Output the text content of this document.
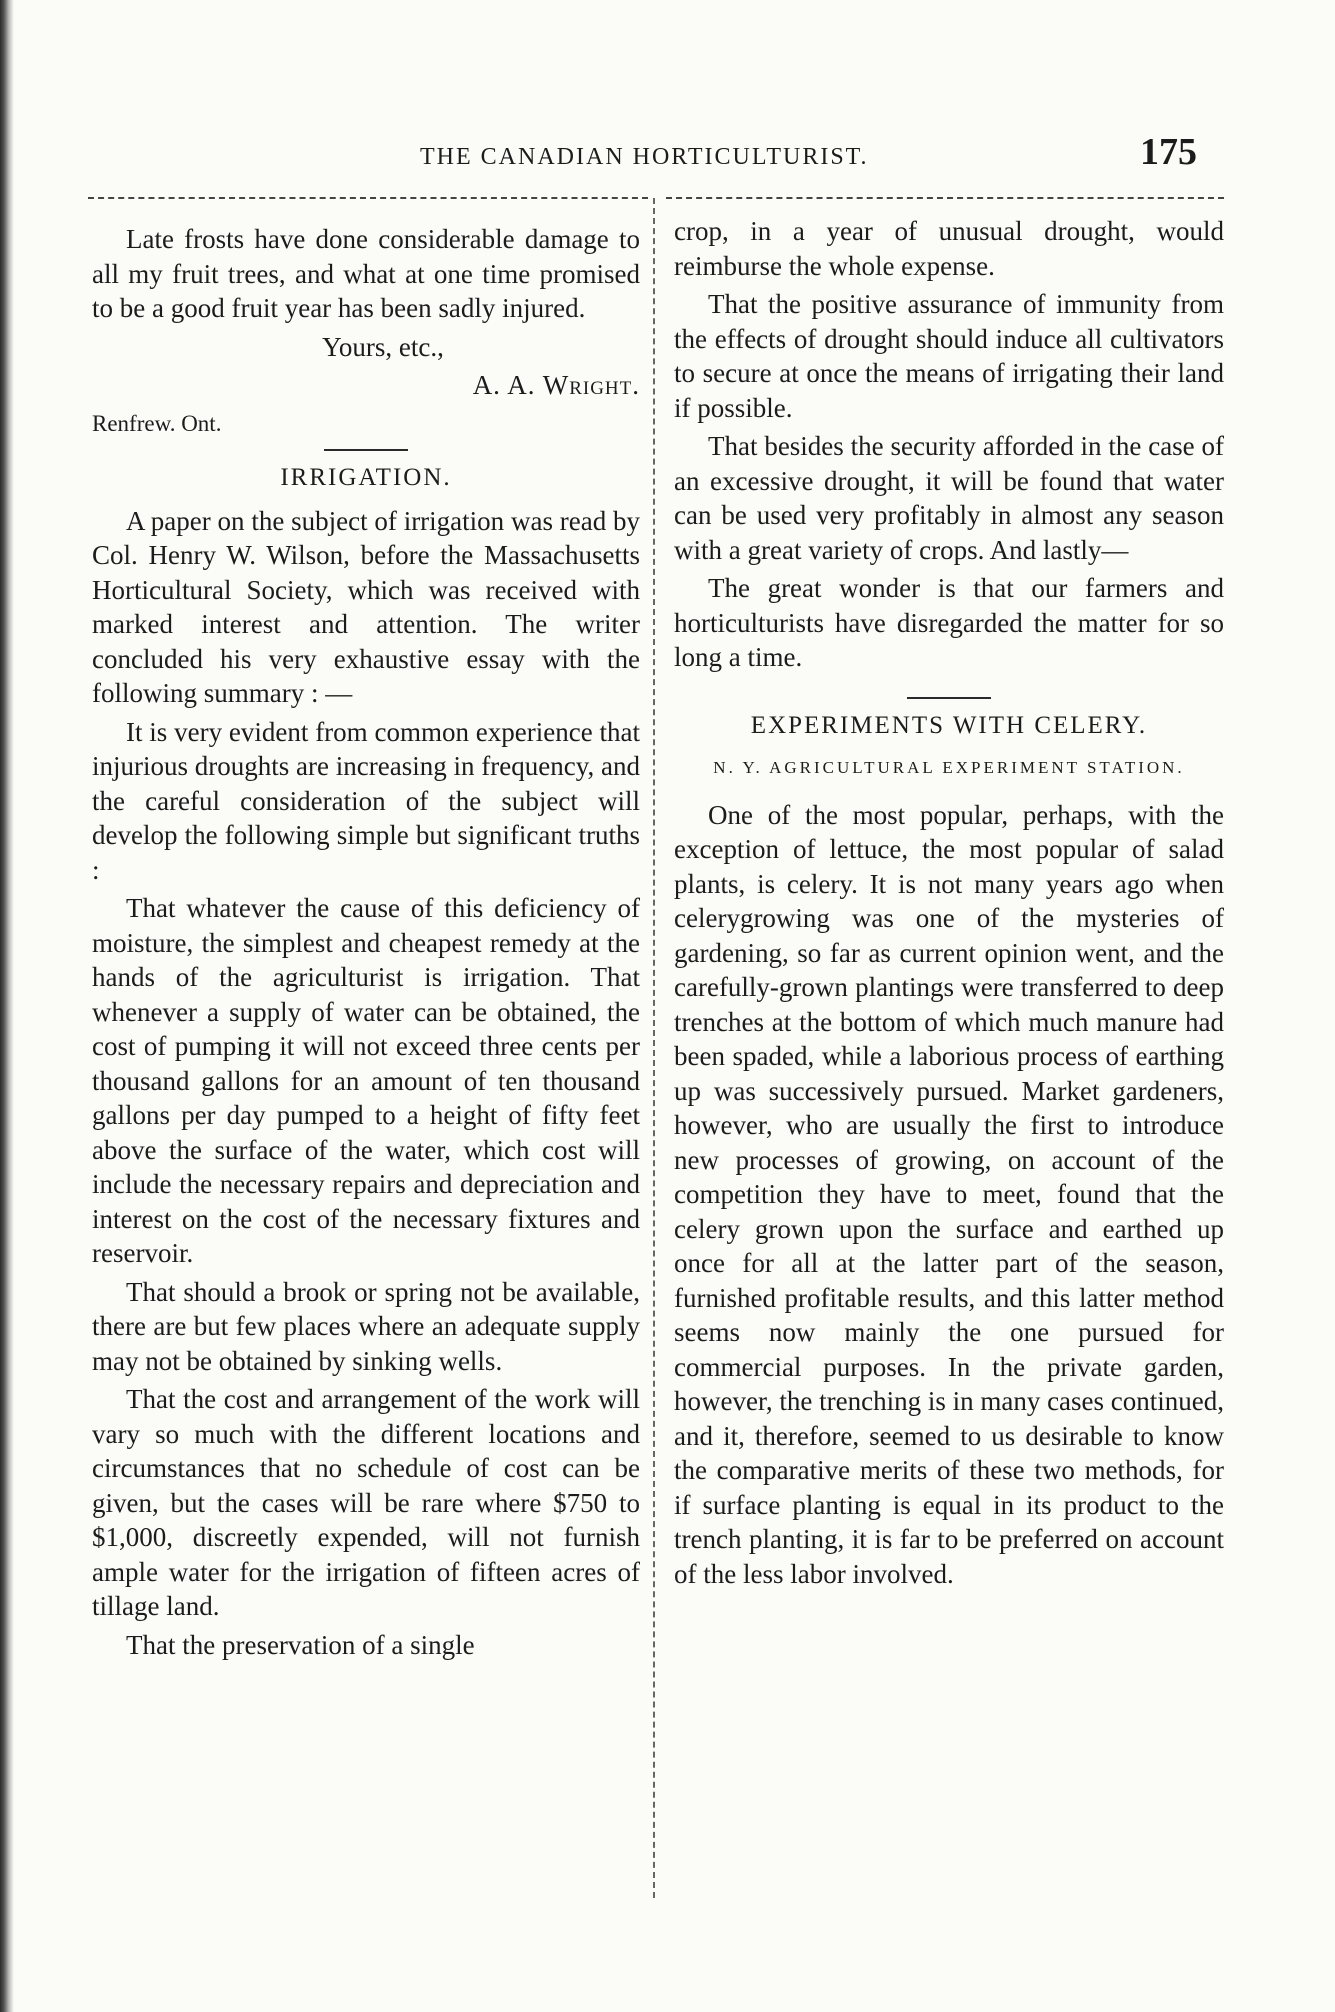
THE CANADIAN HORTICULTURIST.	175

Late frosts have done considerable damage to all my fruit trees, and what at one time promised to be a good fruit year has been sadly injured.

Yours, etc.,

A. A. Wright.

Renfrew. Ont.

IRRIGATION.

A paper on the subject of irrigation was read by Col. Henry W. Wilson, before the Massachusetts Horticultural Society, which was received with marked interest and attention. The writer concluded his very exhaustive essay with the following summary : —

It is very evident from common experience that injurious droughts are increasing in frequency, and the careful consideration of the subject will develop the following simple but significant truths :

That whatever the cause of this deficiency of moisture, the simplest and cheapest remedy at the hands of the agriculturist is irrigation. That whenever a supply of water can be obtained, the cost of pumping it will not exceed three cents per thousand gallons for an amount of ten thousand gallons per day pumped to a height of fifty feet above the surface of the water, which cost will include the necessary repairs and depreciation and interest on the cost of the necessary fixtures and reservoir.

That should a brook or spring not be available, there are but few places where an adequate supply may not be obtained by sinking wells.

That the cost and arrangement of the work will vary so much with the different locations and circumstances that no schedule of cost can be given, but the cases will be rare where $750 to $1,000, discreetly expended, will not furnish ample water for the irrigation of fifteen acres of tillage land.

That the preservation of a single

crop, in a year of unusual drought, would reimburse the whole expense.

That the positive assurance of immunity from the effects of drought should induce all cultivators to secure at once the means of irrigating their land if possible.

That besides the security afforded in the case of an excessive drought, it will be found that water can be used very profitably in almost any season with a great variety of crops. And lastly—

The great wonder is that our farmers and horticulturists have disregarded the matter for so long a time.

EXPERIMENTS WITH CELERY.
N. Y. AGRICULTURAL EXPERIMENT STATION.

One of the most popular, perhaps, with the exception of lettuce, the most popular of salad plants, is celery. It is not many years ago when celerygrowing was one of the mysteries of gardening, so far as current opinion went, and the carefully-grown plantings were transferred to deep trenches at the bottom of which much manure had been spaded, while a laborious process of earthing up was successively pursued. Market gardeners, however, who are usually the first to introduce new processes of growing, on account of the competition they have to meet, found that the celery grown upon the surface and earthed up once for all at the latter part of the season, furnished profitable results, and this latter method seems now mainly the one pursued for commercial purposes. In the private garden, however, the trenching is in many cases continued, and it, therefore, seemed to us desirable to know the comparative merits of these two methods, for if surface planting is equal in its product to the trench planting, it is far to be preferred on account of the less labor involved.
